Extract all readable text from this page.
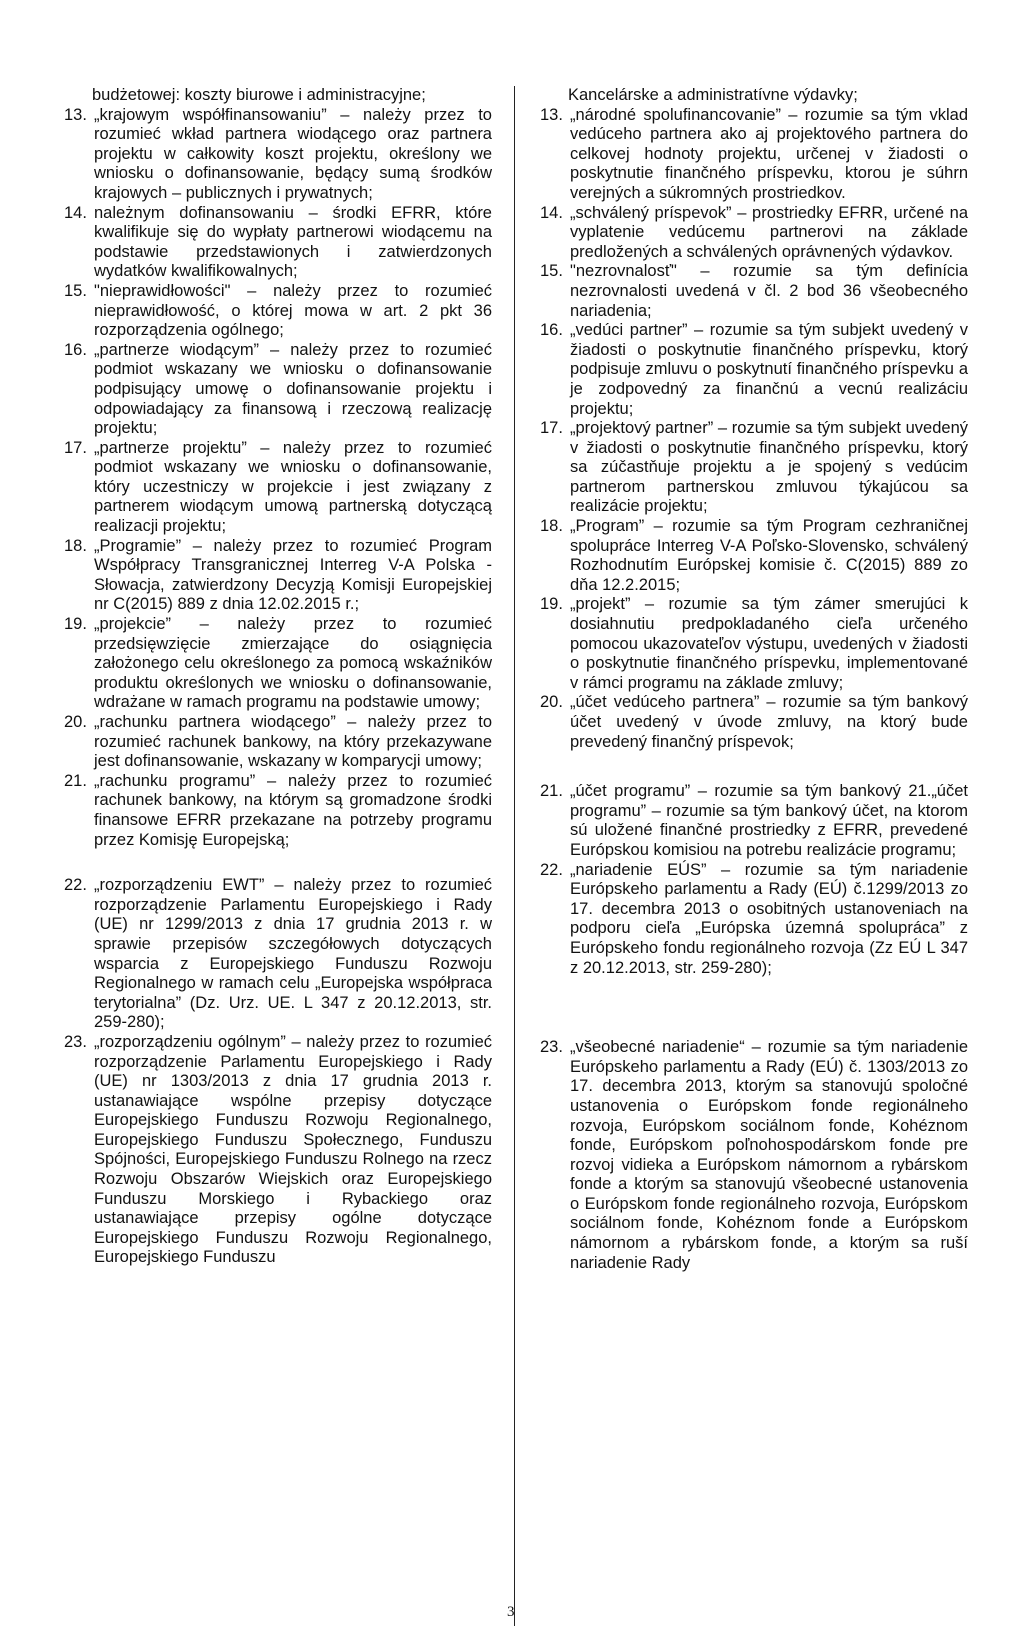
budżetowej: koszty biurowe i administracyjne;
13. „krajowym współfinansowaniu” – należy przez to rozumieć wkład partnera wiodącego oraz partnera projektu w całkowity koszt projektu, określony we wniosku o dofinansowanie, będący sumą środków krajowych – publicznych i prywatnych;
14. należnym dofinansowaniu – środki EFRR, które kwalifikuje się do wypłaty partnerowi wiodącemu na podstawie przedstawionych i zatwierdzonych wydatków kwalifikowalnych;
15. "nieprawidłowości" – należy przez to rozumieć nieprawidłowość, o której mowa w art. 2 pkt 36 rozporządzenia ogólnego;
16. „partnerze wiodącym” – należy przez to rozumieć podmiot wskazany we wniosku o dofinansowanie podpisujący umowę o dofinansowanie projektu i odpowiadający za finansową i rzeczową realizację projektu;
17. „partnerze projektu” – należy przez to rozumieć podmiot wskazany we wniosku o dofinansowanie, który uczestniczy w projekcie i jest związany z partnerem wiodącym umową partnerską dotyczącą realizacji projektu;
18. „Programie” – należy przez to rozumieć Program Współpracy Transgranicznej Interreg V-A Polska - Słowacja, zatwierdzony Decyzją Komisji Europejskiej nr C(2015) 889 z dnia 12.02.2015 r.;
19. „projekcie” – należy przez to rozumieć przedsięwzięcie zmierzające do osiągnięcia założonego celu określonego za pomocą wskaźników produktu określonych we wniosku o dofinansowanie, wdrażane w ramach programu na podstawie umowy;
20. „rachunku partnera wiodącego” – należy przez to rozumieć rachunek bankowy, na który przekazywane jest dofinansowanie, wskazany w komparycji umowy;
21. „rachunku programu” – należy przez to rozumieć rachunek bankowy, na którym są gromadzone środki finansowe EFRR przekazane na potrzeby programu przez Komisję Europejską;
22. „rozporządzeniu EWT” – należy przez to rozumieć rozporządzenie Parlamentu Europejskiego i Rady (UE) nr 1299/2013 z dnia 17 grudnia 2013 r. w sprawie przepisów szczegółowych dotyczących wsparcia z Europejskiego Funduszu Rozwoju Regionalnego w ramach celu „Europejska współpraca terytorialna” (Dz. Urz. UE. L 347 z 20.12.2013, str. 259-280);
23. „rozporządzeniu ogólnym” – należy przez to rozumieć rozporządzenie Parlamentu Europejskiego i Rady (UE) nr 1303/2013 z dnia 17 grudnia 2013 r. ustanawiające wspólne przepisy dotyczące Europejskiego Funduszu Rozwoju Regionalnego, Europejskiego Funduszu Społecznego, Funduszu Spójności, Europejskiego Funduszu Rolnego na rzecz Rozwoju Obszarów Wiejskich oraz Europejskiego Funduszu Morskiego i Rybackiego oraz ustanawiające przepisy ogólne dotyczące Europejskiego Funduszu Rozwoju Regionalnego, Europejskiego Funduszu
Kancelárske a administratívne výdavky;
13. „národné spolufinancovanie” – rozumie sa tým vklad vedúceho partnera ako aj projektového partnera do celkovej hodnoty projektu, určenej v žiadosti o poskytnutie finančného príspevku, ktorou je súhrn verejných a súkromných prostriedkov.
14. „schválený príspevok” – prostriedky EFRR, určené na vyplatenie vedúcemu partnerovi na základe predložených a schválených oprávnených výdavkov.
15. "nezrovnalosť" – rozumie sa tým definícia nezrovnalosti uvedená v čl. 2 bod 36 všeobecného nariadenia;
16. „vedúci partner” – rozumie sa tým subjekt uvedený v žiadosti o poskytnutie finančného príspevku, ktorý podpisuje zmluvu o poskytnutí finančného príspevku a je zodpovedný za finančnú a vecnú realizáciu projektu;
17. „projektový partner” – rozumie sa tým subjekt uvedený v žiadosti o poskytnutie finančného príspevku, ktorý sa zúčastňuje projektu a je spojený s vedúcim partnerom partnerskou zmluvou týkajúcou sa realizácie projektu;
18. „Program” – rozumie sa tým Program cezhraničnej spolupráce Interreg V-A Poľsko-Slovensko, schválený Rozhodnutím Európskej komisie č. C(2015) 889 zo dňa 12.2.2015;
19. „projekt” – rozumie sa tým zámer smerujúci k dosiahnutiu predpokladaného cieľa určeného pomocou ukazovateľov výstupu, uvedených v žiadosti o poskytnutie finančného príspevku, implementované v rámci programu na základe zmluvy;
20. „účet vedúceho partnera” – rozumie sa tým bankový účet uvedený v úvode zmluvy, na ktorý bude prevedený finančný príspevok;
21. „účet programu” – rozumie sa tým bankový 21.„účet programu” – rozumie sa tým bankový účet, na ktorom sú uložené finančné prostriedky z EFRR, prevedené Európskou komisiou na potrebu realizácie programu;
22. „nariadenie EÚS” – rozumie sa tým nariadenie Európskeho parlamentu a Rady (EÚ) č.1299/2013 zo 17. decembra 2013 o osobitných ustanoveniach na podporu cieľa „Európska územná spolupráca” z Európskeho fondu regionálneho rozvoja (Zz EÚ L 347 z 20.12.2013, str. 259-280);
23. „všeobecné nariadenie“ – rozumie sa tým nariadenie Európskeho parlamentu a Rady (EÚ) č. 1303/2013 zo 17. decembra 2013, ktorým sa stanovujú spoločné ustanovenia o Európskom fonde regionálneho rozvoja, Európskom sociálnom fonde, Kohéznom fonde, Európskom poľnohospodárskom fonde pre rozvoj vidieka a Európskom námornom a rybárskom fonde a ktorým sa stanovujú všeobecné ustanovenia o Európskom fonde regionálneho rozvoja, Európskom sociálnom fonde, Kohéznom fonde a Európskom námornom a rybárskom fonde, a ktorým sa ruší nariadenie Rady
3
